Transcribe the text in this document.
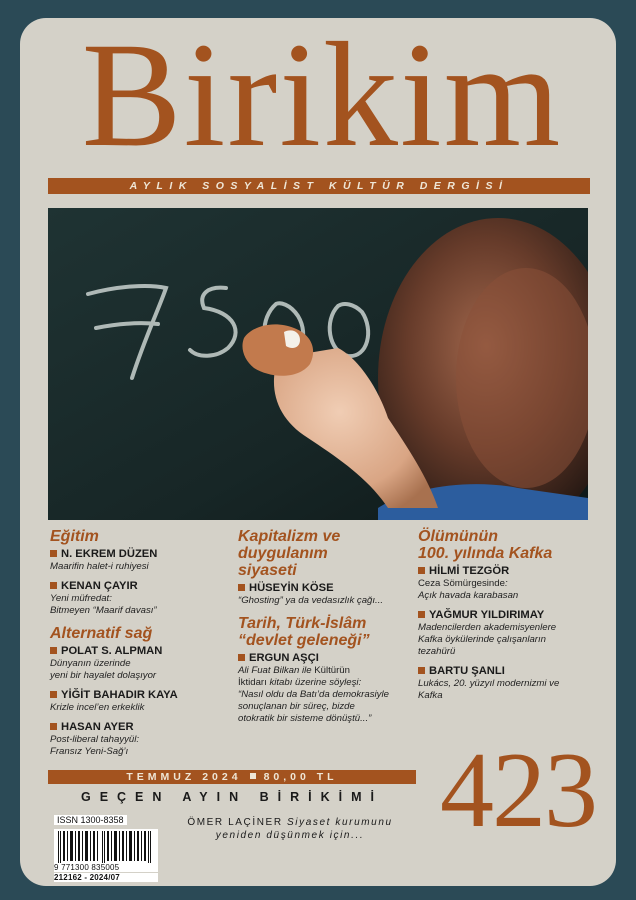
Birikim
AYLIK SOSYALİST KÜLTÜR DERGİSİ
Eğitim
N. EKREM DÜZEN
Maarifin halet-i ruhiyesi
KENAN ÇAYIR
Yeni müfredat:
Bitmeyen “Maarif davası”
Alternatif sağ
POLAT S. ALPMAN
Dünyanın üzerinde
yeni bir hayalet dolaşıyor
YİĞİT BAHADIR KAYA
Krizle incel’en erkeklik
HASAN AYER
Post-liberal tahayyül:
Fransız Yeni-Sağ’ı
Kapitalizm ve
duygulanım
siyaseti
HÜSEYİN KÖSE
“Ghosting” ya da vedasızlık çağı...
Tarih, Türk-İslâm
“devlet geleneği”
ERGUN AŞÇI
Ali Fuat Bilkan ile Kültürün
İktidarı kitabı üzerine söyleşi:
“Nasıl oldu da Batı’da demokrasiyle
sonuçlanan bir süreç, bizde
otokratik bir sisteme dönüştü...”
Ölümünün
100. yılında Kafka
HİLMİ TEZGÖR
Ceza Sömürgesinde:
Açık havada karabasan
YAĞMUR YILDIRIMAY
Madencilerden akademisyenlere
Kafka öykülerinde çalışanların
tezahürü
BARTU ŞANLI
Lukács, 20. yüzyıl modernizmi ve
Kafka
TEMMUZ 2024 80,00 TL 423
GEÇEN AYIN BİRİKİMİ
ÖMER LAÇİNER Siyaset kurumunu
yeniden düşünmek için...
ISSN 1300-8358
9 771300 835005
212162 - 2024/07
